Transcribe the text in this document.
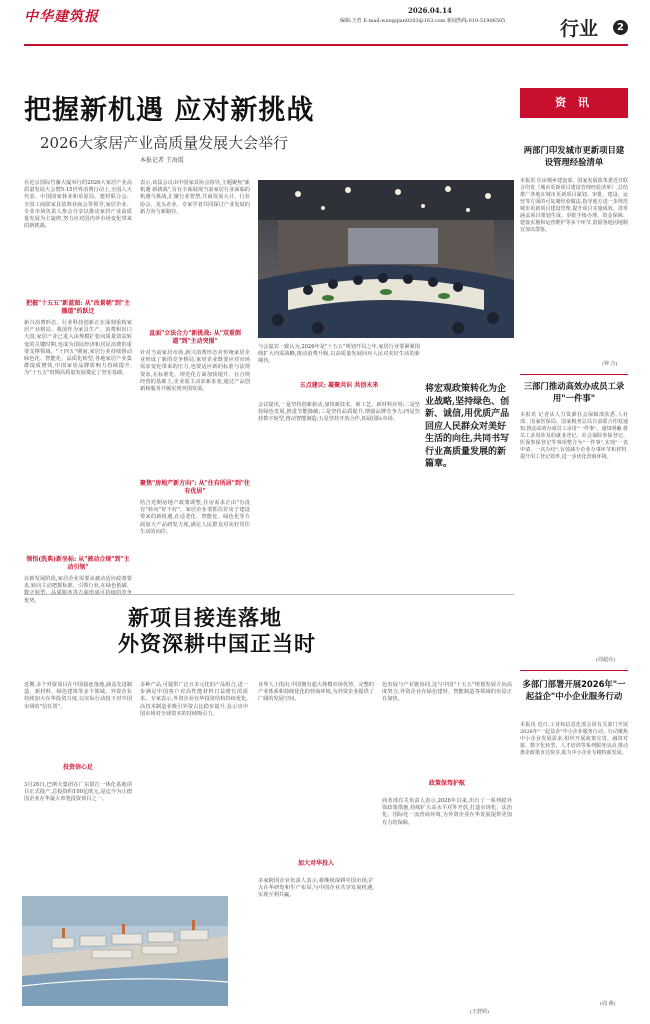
中华建筑报	2026.04.14
编辑:王育 E-mail:wangqian0203@163.com 新闻热线:010-51906505	行业	2
把握新机遇 应对新挑战
2026大家居产业高质量发展大会举行
本报记者 王海霞
在近京国际竹藤大厦举行的2026大家居产业高质量发展大会暨5·15世界消费行动上,全国人大代表、中国国家林业和草原局、建材联合会、全国工商联家具装饰业商会等领导,家居企业、专业市场负责人参会分享以推动家居产业高质量发展为主旋律,努力应对国内外市场变化带来的新挑战。
把握"十五五"新蓝图: 从"改景朝"到"主播道"的跃迁
新兴消费形态、行业科技创新正在深刻重构家居产业格局。我国作为家具生产、消费和出口大国,家居产业已进入由规模扩张向质量效益转变的关键时期,也成为国民经济和居民消费的重要支撑领域。"十四五"期间,家居行业持续推动绿色化、智能化、品质化转型,各地家居产业集群提质增效,中国家居品牌影响力持续提升,为"十五五"时期高质量发展奠定了坚实基础。
领悟(洗典)新坐标: 从"被动合规"到"主动引领"
在新发展阶段,家居企业需要从被动适应政策要求,转向主动把握标准、引领行业,在绿色低碳、 优势。
表示,该届会议由中国家具协会指导,主题聚焦"新机遇 新挑战",旨在全面展现当前家居行业面临的机遇与挑战,汇聚行业智慧,共商发展大计。行业协会、龙头企业、专家学者共同探讨产业发展的新方向与新路径。
直面"立法合力"新挑战: 从"双重倒逼"到"主动突围"
针对当前家居市场,新兴消费形态对传统家居企业形成了新的竞争格局,家居企业既要应对市场需求变化带来的压力,也要适应新的标准与法规要求,在标准化、规范化方面加快提升。在合规经营的基础上,企业需主动求新求变,通过产品创新和服务升级实现突围发展。
聚焦"房地产新方向": 从"住有所居"到"住有优居"
结合近期房地产政策调整,住房需求正由"有没有"转向"好不好"。家居企业要抓住好房子建设带来的新机遇,在适老化、智能化、绿色化等方面加大产品研发力度,满足人民群众对美好居住生活的向往。
与会嘉宾一致认为,2026年是"十五五"规划开局之年,家居行业要紧紧围绕扩大内需战略,推动消费升级,以高质量发展回应人民对美好生活的新期待。
五点建议: 凝聚共识 共创未来
会议提出,一是坚持创新驱动,加快新技术、新工艺、新材料应用;二是坚持绿色发展,推进节能降碳;三是坚持品质提升,增强品牌竞争力;四是坚持数字转型,推动智能制造;五是坚持开放合作,拓展国际市场。
将宏观政策转化为企业战略,坚持绿色、创新、诚信,用优质产品回应人民群众对美好生活的向往,共同书写行业高质量发展的新篇章。
新项目接连落地
外资深耕中国正当时
近期,多个外资项目在中国接连落地,涵盖先进制造、新材料、绿色建筑等多个领域。外资企业持续加大在华投资力度,以实际行动投下对中国市场的"信任票"。
投资信心足
3月26日,巴斯夫集团在广东湛江一体化基地项目正式投产,总投资约100亿欧元,是迄今为止德国企业在华最大单笔投资项目之一。
多种产品,可提供广泛且多元化的产品组合,进一步满足中国客户对高性能材料日益增长的需求。专家表示,外资企业在华投资结构持续优化,高技术制造业吸引外资占比稳步提升,显示出中国市场对全球资本的持续吸引力。
业界人士指出,中国拥有超大规模市场优势、完整的产业体系和持续优化的营商环境,为外资企业提供了广阔的发展空间。
加大对华投入
多家跨国企业负责人表示,将继续深耕中国市场,扩大在华研发和生产布局,与中国企业共享发展机遇,实现互利共赢。
色发展与产业链协同,这与中国"十五五"规划发展方向高度契合,外资企业在绿色建材、智能制造等领域的布局正在加快。
政策保驾护航
商务部有关负责人表示,2026年以来,出台了一系列稳外资政策措施,持续扩大高水平对外开放,打造市场化、法治化、国际化一流营商环境,为外资企业在华发展提供更加有力的保障。
(王舒婷)
资 讯
两部门印发城市更新项目建设管理经验清单
本报讯 住房城乡建设部、国家发展改革委近日联合印发《城市更新项目建设管理经验清单》,总结推广各地在城市更新项目谋划、审批、建设、运营等方面的可复制经验做法,指导地方进一步规范城市更新项目建设管理,提升项目实施成效。清单涵盖项目策划生成、审批手续办理、资金保障、建设实施和运营维护等多个环节,鼓励各地因地制宜加以借鉴。
(钟 合)
三部门推动高效办成员工录用"一件事"
本报讯 记者从人力资源社会保障部获悉,人社部、国家医保局、国家税务总局日前联合印发通知,推动高效办成员工录用"一件事"。通知明确,将员工录用涉及的就业登记、社会保险参保登记、医保参保登记等事项整合为"一件事",实现"一表申请、一次办结",有效减少企业办事环节和材料,提升用工登记效率,进一步优化营商环境。
(周超亮)
多部门部署开展2026年"一起益企"中小企业服务行动
本报讯 近日,工业和信息化部会同有关部门开展2026年"一起益企"中小企业服务行动。行动聚焦中小企业发展需求,组织开展政策宣贯、融资对接、数字化转型、人才培训等系列服务活动,推动惠企政策直达快享,助力中小企业专精特新发展。
(周 燕)
